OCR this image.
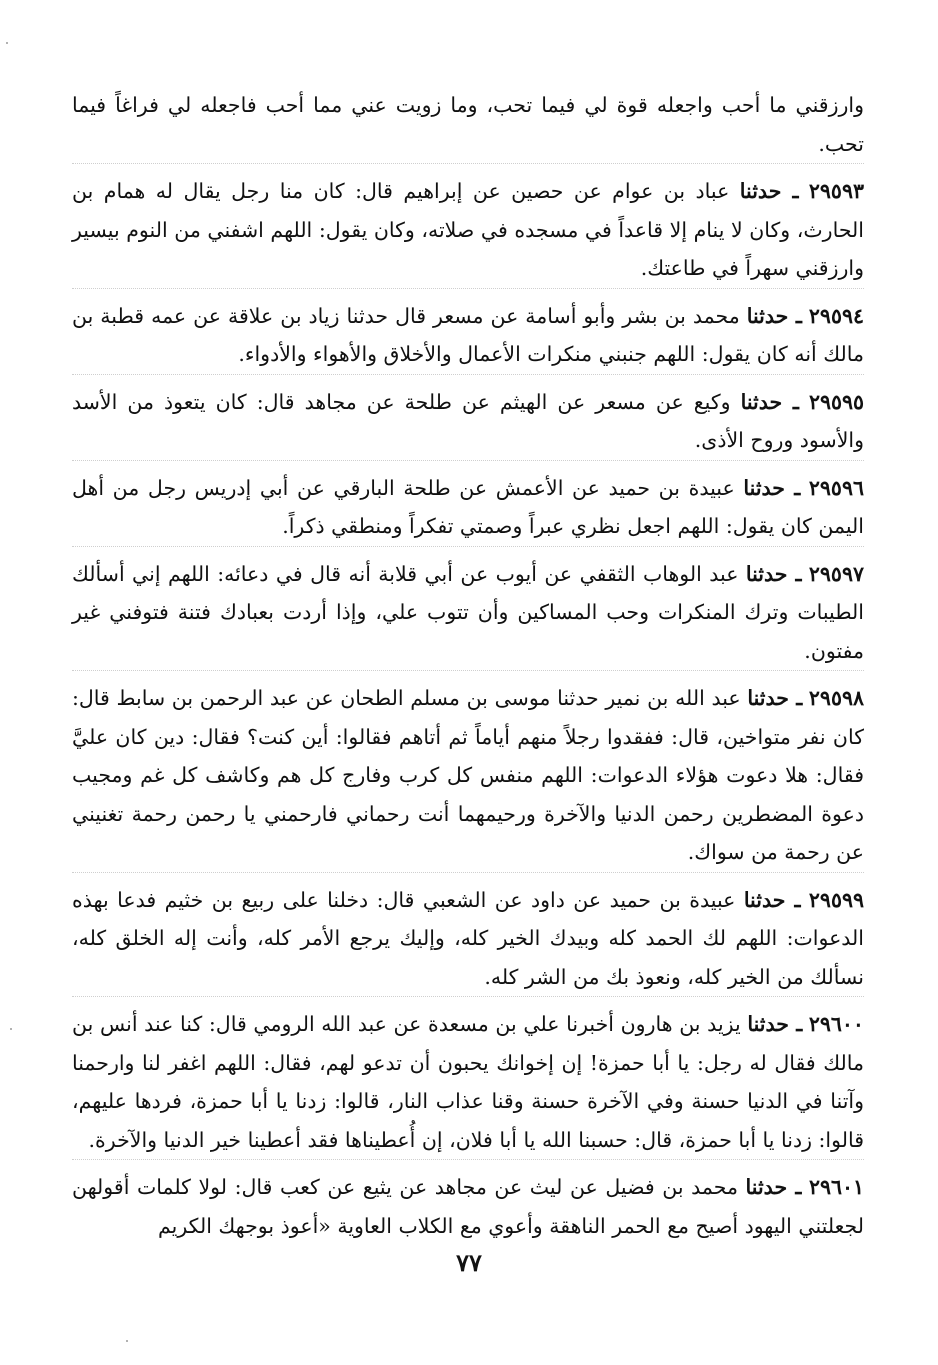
وارزقني ما أحب واجعله قوة لي فيما تحب، وما زويت عني مما أحب فاجعله لي فراغاً فيما تحب.

٢٩٥٩٣ ـ حدثنا عباد بن عوام عن حصين عن إبراهيم قال: كان منا رجل يقال له همام بن الحارث، وكان لا ينام إلا قاعداً في مسجده في صلاته، وكان يقول: اللهم اشفني من النوم بيسير وارزقني سهراً في طاعتك.

٢٩٥٩٤ ـ حدثنا محمد بن بشر وأبو أسامة عن مسعر قال حدثنا زياد بن علاقة عن عمه قطبة بن مالك أنه كان يقول: اللهم جنبني منكرات الأعمال والأخلاق والأهواء والأدواء.

٢٩٥٩٥ ـ حدثنا وكيع عن مسعر عن الهيثم عن طلحة عن مجاهد قال: كان يتعوذ من الأسد والأسود وروح الأذى.

٢٩٥٩٦ ـ حدثنا عبيدة بن حميد عن الأعمش عن طلحة البارقي عن أبي إدريس رجل من أهل اليمن كان يقول: اللهم اجعل نظري عبراً وصمتي تفكراً ومنطقي ذكراً.

٢٩٥٩٧ ـ حدثنا عبد الوهاب الثقفي عن أيوب عن أبي قلابة أنه قال في دعائه: اللهم إني أسألك الطيبات وترك المنكرات وحب المساكين وأن تتوب علي، وإذا أردت بعبادك فتنة فتوفني غير مفتون.

٢٩٥٩٨ ـ حدثنا عبد الله بن نمير حدثنا موسى بن مسلم الطحان عن عبد الرحمن بن سابط قال: كان نفر متواخين، قال: ففقدوا رجلاً منهم أياماً ثم أتاهم فقالوا: أين كنت؟ فقال: دين كان عليَّ فقال: هلا دعوت هؤلاء الدعوات: اللهم منفس كل كرب وفارج كل هم وكاشف كل غم ومجيب دعوة المضطرين رحمن الدنيا والآخرة ورحيمهما أنت رحماني فارحمني يا رحمن رحمة تغنيني عن رحمة من سواك.

٢٩٥٩٩ ـ حدثنا عبيدة بن حميد عن داود عن الشعبي قال: دخلنا على ربيع بن خثيم فدعا بهذه الدعوات: اللهم لك الحمد كله وبيدك الخير كله، وإليك يرجع الأمر كله، وأنت إله الخلق كله، نسألك من الخير كله، ونعوذ بك من الشر كله.

٢٩٦٠٠ ـ حدثنا يزيد بن هارون أخبرنا علي بن مسعدة عن عبد الله الرومي قال: كنا عند أنس بن مالك فقال له رجل: يا أبا حمزة! إن إخوانك يحبون أن تدعو لهم، فقال: اللهم اغفر لنا وارحمنا وآتنا في الدنيا حسنة وفي الآخرة حسنة وقنا عذاب النار، قالوا: زدنا يا أبا حمزة، فردها عليهم، قالوا: زدنا يا أبا حمزة، قال: حسبنا الله يا أبا فلان، إن أُعطيناها فقد أعطينا خير الدنيا والآخرة.

٢٩٦٠١ ـ حدثنا محمد بن فضيل عن ليث عن مجاهد عن يثيع عن كعب قال: لولا كلمات أقولهن لجعلتني اليهود أصيح مع الحمر الناهقة وأعوي مع الكلاب العاوية «أعوذ بوجهك الكريم

٧٧
